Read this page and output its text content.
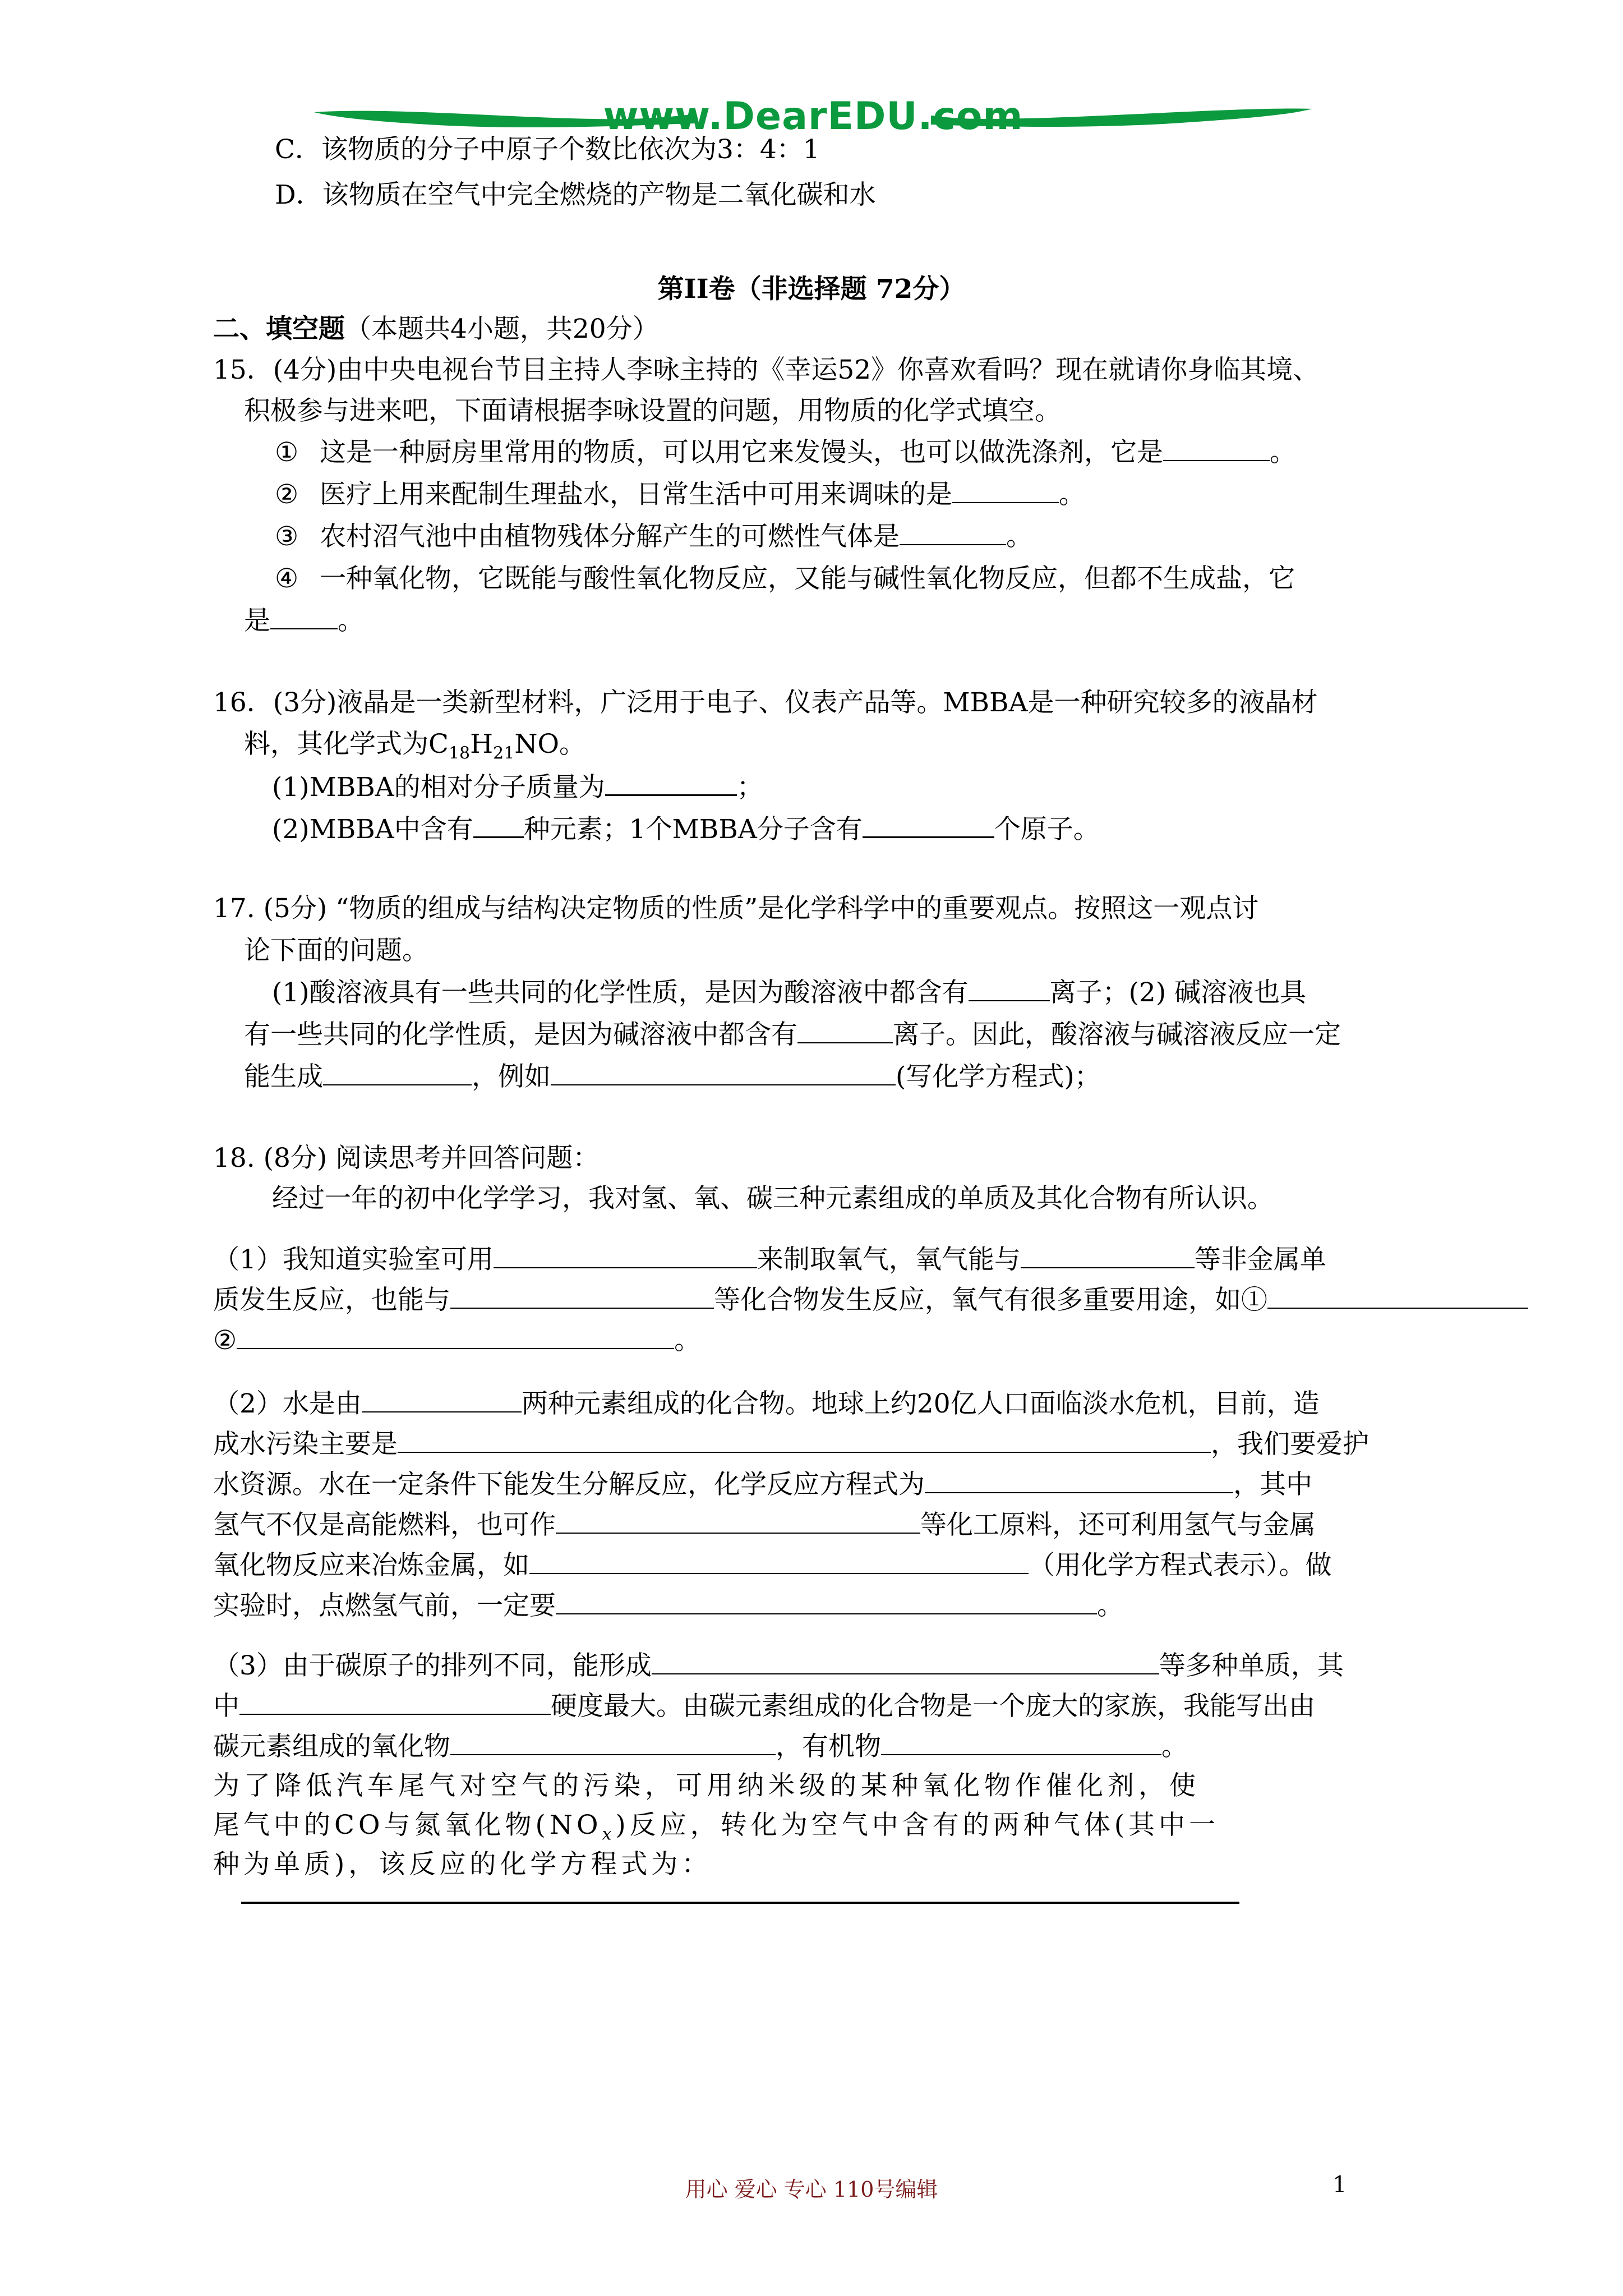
www.DearEDU.com
C．该物质的分子中原子个数比依次为3：4：1
D．该物质在空气中完全燃烧的产物是二氧化碳和水
第II卷（非选择题 72分）
二、填空题（本题共4小题，共20分）
15．(4分)由中央电视台节目主持人李咏主持的《幸运52》你喜欢看吗？现在就请你身临其境、
积极参与进来吧，下面请根据李咏设置的问题，用物质的化学式填空。
① 这是一种厨房里常用的物质，可以用它来发馒头，也可以做洗涤剂，它是	。
② 医疗上用来配制生理盐水，日常生活中可用来调味的是	。
③ 农村沼气池中由植物残体分解产生的可燃性气体是	。
④ 一种氧化物，它既能与酸性氧化物反应，又能与碱性氧化物反应，但都不生成盐，它
是	。
16．(3分)液晶是一类新型材料，广泛用于电子、仪表产品等。MBBA是一种研究较多的液晶材
料，其化学式为$C_{18}H_{21}NO$。
(1)MBBA的相对分子质量为	；
(2)MBBA中含有 种元素；1个MBBA分子含有	个原子。
17. (5分) “物质的组成与结构决定物质的性质”是化学科学中的重要观点。按照这一观点讨
论下面的问题。
(1)酸溶液具有一些共同的化学性质，是因为酸溶液中都含有	离子；(2) 碱溶液也具
有一些共同的化学性质，是因为碱溶液中都含有	离子。因此，酸溶液与碱溶液反应一定
能生成	，例如	(写化学方程式)；
18. (8分) 阅读思考并回答问题：
经过一年的初中化学学习，我对氢、氧、碳三种元素组成的单质及其化合物有所认识。
（1）我知道实验室可用	来制取氧气，氧气能与	等非金属单
质发生反应，也能与	等化合物发生反应，氧气有很多重要用途，如①
②	。
（2）水是由	两种元素组成的化合物。地球上约20亿人口面临淡水危机，目前，造
成水污染主要是	，我们要爱护
水资源。水在一定条件下能发生分解反应，化学反应方程式为	，其中
氢气不仅是高能燃料，也可作	等化工原料，还可利用氢气与金属
氧化物反应来冶炼金属，如	（用化学方程式表示）。做
实验时，点燃氢气前，一定要	。
（3）由于碳原子的排列不同，能形成	等多种单质，其
中	硬度最大。由碳元素组成的化合物是一个庞大的家族，我能写出由
碳元素组成的氧化物	，有机物	。
为了降低汽车尾气对空气的污染，可用纳米级的某种氧化物作催化剂，使
尾气中的CO与氮氧化物$(NO_x)$反应，转化为空气中含有的两种气体(其中一
种为单质)，该反应的化学方程式为：
用心 爱心 专心 110号编辑	1
